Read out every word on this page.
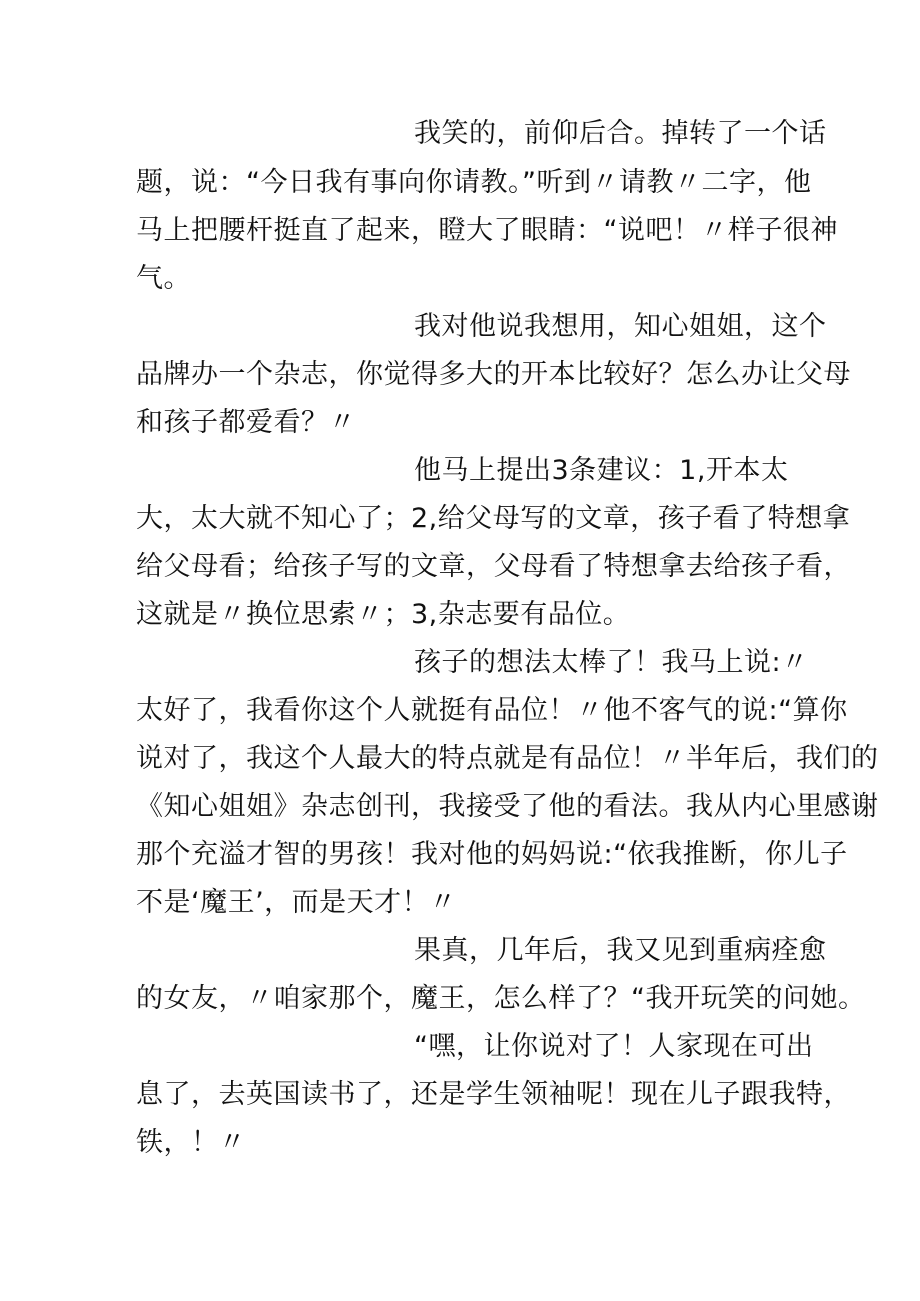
我笑的，前仰后合。掉转了一个话
题，说：“今日我有事向你请教。”听到〃请教〃二字，他
马上把腰杆挺直了起来，瞪大了眼睛：“说吧！〃样子很神
气。
我对他说我想用，知心姐姐，这个
品牌办一个杂志，你觉得多大的开本比较好？怎么办让父母
和孩子都爱看？〃
他马上提出3条建议：1,开本太
大，太大就不知心了；2,给父母写的文章，孩子看了特想拿
给父母看；给孩子写的文章，父母看了特想拿去给孩子看，
这就是〃换位思索〃；3,杂志要有品位。
孩子的想法太棒了！我马上说:〃
太好了，我看你这个人就挺有品位！〃他不客气的说:“算你
说对了，我这个人最大的特点就是有品位！〃半年后，我们的
《知心姐姐》杂志创刊，我接受了他的看法。我从内心里感谢
那个充溢才智的男孩！我对他的妈妈说:“依我推断，你儿子
不是‘魔王’，而是天才！〃
果真，几年后，我又见到重病痊愈
的女友，〃咱家那个，魔王，怎么样了？“我开玩笑的问她。
“嘿，让你说对了！人家现在可出
息了，去英国读书了，还是学生领袖呢！现在儿子跟我特，
铁，！〃
